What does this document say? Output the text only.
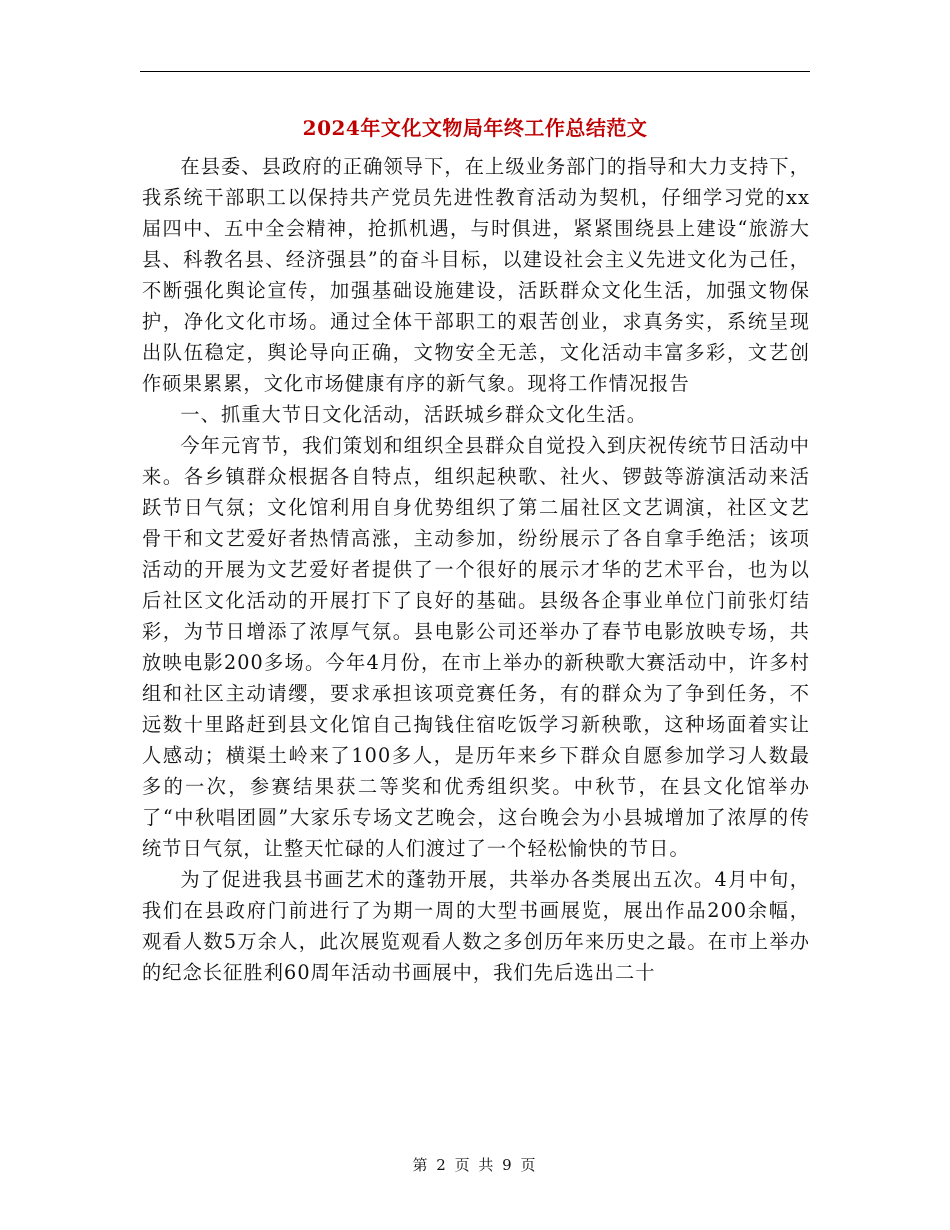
2024年文化文物局年终工作总结范文

在县委、县政府的正确领导下，在上级业务部门的指导和大力支持下，我系统干部职工以保持共产党员先进性教育活动为契机，仔细学习党的xx届四中、五中全会精神，抢抓机遇，与时俱进，紧紧围绕县上建设“旅游大县、科教名县、经济强县”的奋斗目标，以建设社会主义先进文化为己任，不断强化舆论宣传，加强基础设施建设，活跃群众文化生活，加强文物保护，净化文化市场。通过全体干部职工的艰苦创业，求真务实，系统呈现出队伍稳定，舆论导向正确，文物安全无恙，文化活动丰富多彩，文艺创作硕果累累，文化市场健康有序的新气象。现将工作情况报告

一、抓重大节日文化活动，活跃城乡群众文化生活。

今年元宵节，我们策划和组织全县群众自觉投入到庆祝传统节日活动中来。各乡镇群众根据各自特点，组织起秧歌、社火、锣鼓等游演活动来活跃节日气氛；文化馆利用自身优势组织了第二届社区文艺调演，社区文艺骨干和文艺爱好者热情高涨，主动参加，纷纷展示了各自拿手绝活；该项活动的开展为文艺爱好者提供了一个很好的展示才华的艺术平台，也为以后社区文化活动的开展打下了良好的基础。县级各企事业单位门前张灯结彩，为节日增添了浓厚气氛。县电影公司还举办了春节电影放映专场，共放映电影200多场。今年4月份，在市上举办的新秧歌大赛活动中，许多村组和社区主动请缨，要求承担该项竞赛任务，有的群众为了争到任务，不远数十里路赶到县文化馆自己掏钱住宿吃饭学习新秧歌，这种场面着实让人感动；横渠土岭来了100多人，是历年来乡下群众自愿参加学习人数最多的一次，参赛结果获二等奖和优秀组织奖。中秋节，在县文化馆举办了“中秋唱团圆”大家乐专场文艺晚会，这台晚会为小县城增加了浓厚的传统节日气氛，让整天忙碌的人们渡过了一个轻松愉快的节日。

为了促进我县书画艺术的蓬勃开展，共举办各类展出五次。4月中旬，我们在县政府门前进行了为期一周的大型书画展览，展出作品200余幅，观看人数5万余人，此次展览观看人数之多创历年来历史之最。在市上举办的纪念长征胜利60周年活动书画展中，我们先后选出二十

第 2 页 共 9 页
